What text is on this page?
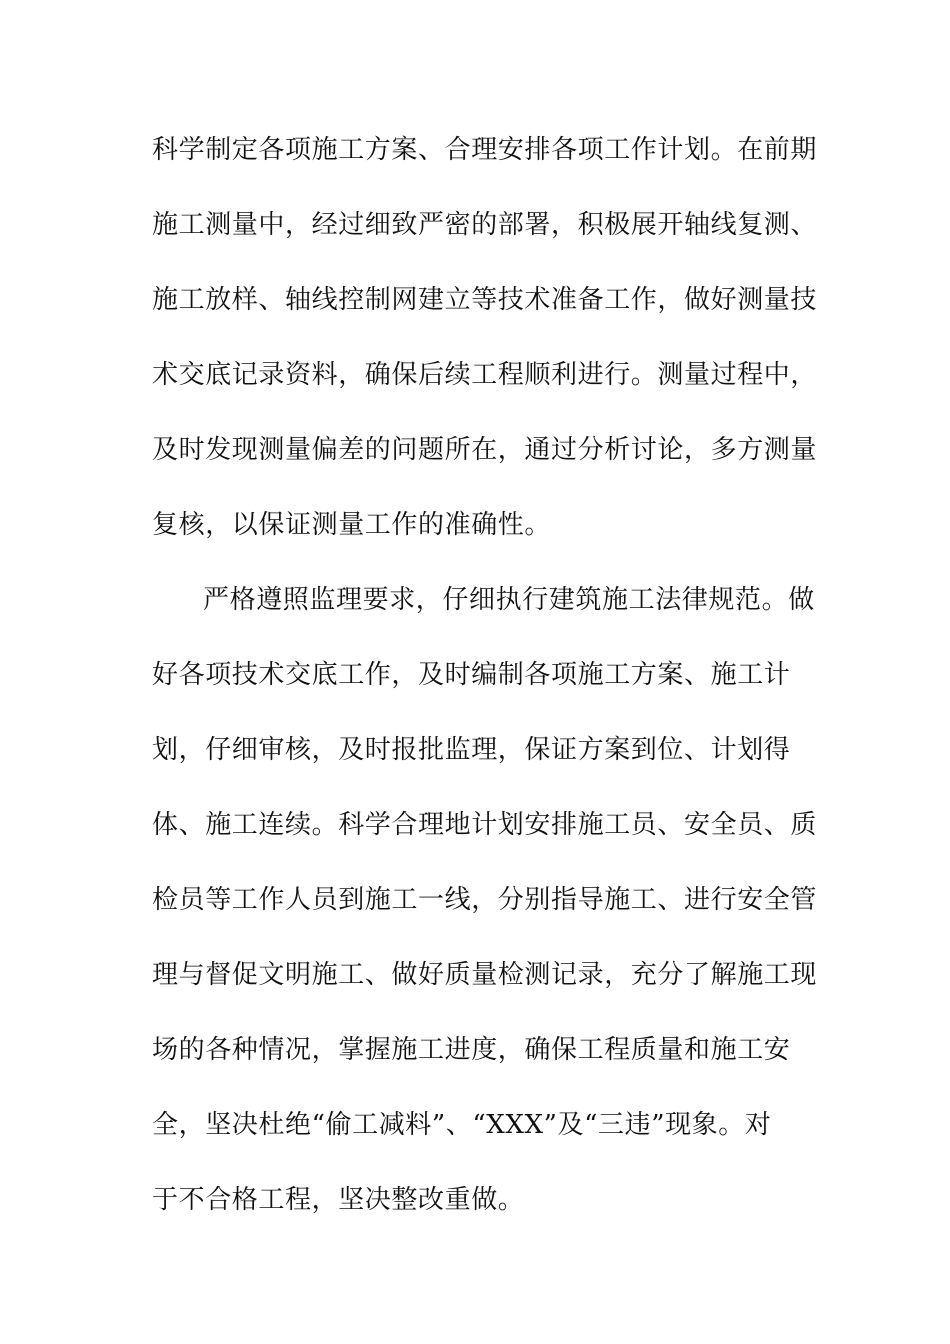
科学制定各项施工方案、合理安排各项工作计划。在前期
施工测量中，经过细致严密的部署，积极展开轴线复测、
施工放样、轴线控制网建立等技术准备工作，做好测量技
术交底记录资料，确保后续工程顺利进行。测量过程中，
及时发现测量偏差的问题所在，通过分析讨论，多方测量
复核，以保证测量工作的准确性。
严格遵照监理要求，仔细执行建筑施工法律规范。做
好各项技术交底工作，及时编制各项施工方案、施工计
划，仔细审核，及时报批监理，保证方案到位、计划得
体、施工连续。科学合理地计划安排施工员、安全员、质
检员等工作人员到施工一线，分别指导施工、进行安全管
理与督促文明施工、做好质量检测记录，充分了解施工现
场的各种情况，掌握施工进度，确保工程质量和施工安
全，坚决杜绝“偷工减料”、“XXX”及“三违”现象。对
于不合格工程，坚决整改重做。
